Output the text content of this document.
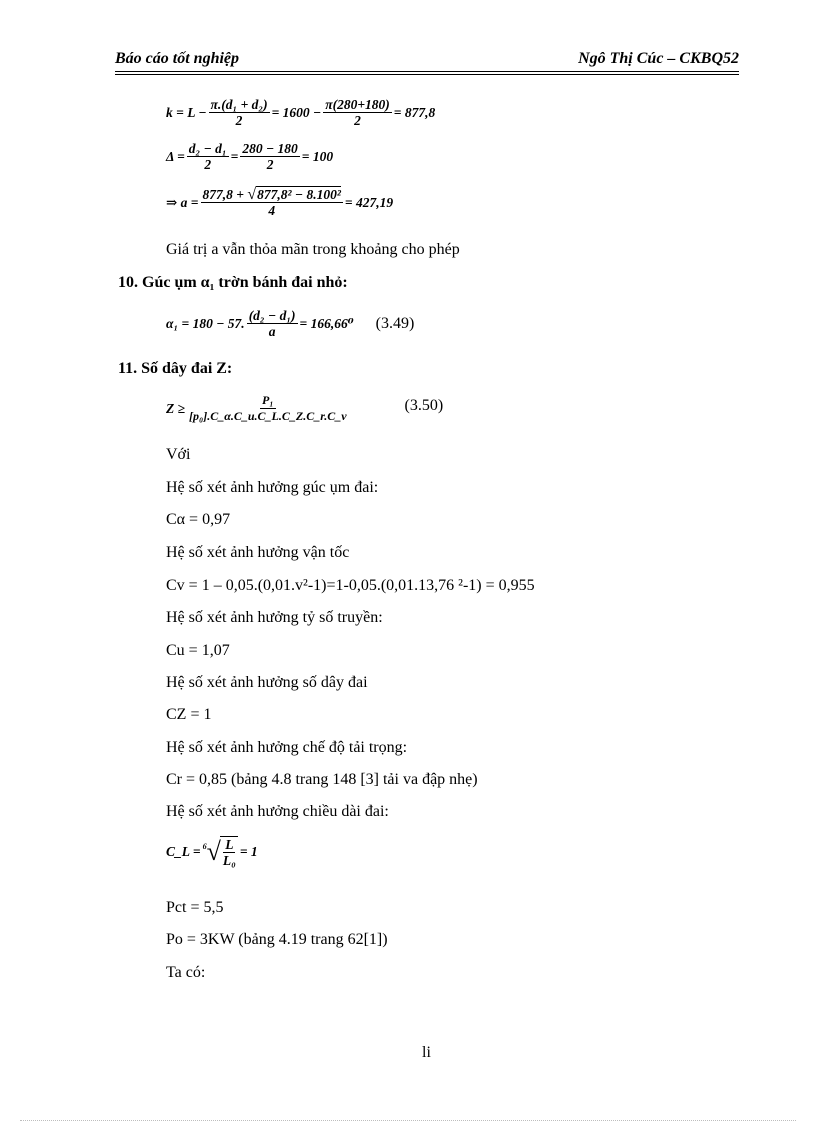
Báo cáo tốt nghiệp	Ngô Thị Cúc – CKBQ52
$k = L - \frac{\text{π.(d₁ + d₂)}}{2} = 1600 - \frac{\pi(280+180)}{2} = 877,8$
$\Delta = \frac{\text{d₂ − d₁}}{2} = \frac{280 - 180}{2} = 100$
⇒ $a = \frac{\text{877,8 + √877,8² − 8.100²}}{4} = 427,19$
Giá trị a vẫn thỏa mãn trong khoảng cho phép
10. Gúc ụm α₁ trờn bánh đai nhỏ:
α₁ = 180 − 57. $\frac{\text{(d₂ − d₁)}}{a} = 166,66^0$ (3.49)
11. Số dây đai Z:
$Z \ge \frac{\text{P₁}}{\text{[p₀].C\_α.C\_u.C\_L.C\_Z.C\_r.C\_v}}$	(3.50)
Với
Hệ số xét ảnh hưởng gúc ụm đai:
Cα = 0,97
Hệ số xét ảnh hưởng vận tốc
Cv = 1 – 0,05.(0,01.v²-1)=1-0,05.(0,01.13,76 ²-1) = 0,955
Hệ số xét ảnh hưởng tỷ số truyền:
Cu = 1,07
Hệ số xét ảnh hưởng số dây đai
CZ = 1
Hệ số xét ảnh hưởng chế độ tải trọng:
Cr = 0,85 (bảng 4.8 trang 148 [3] tải va đập nhẹ)
Hệ số xét ảnh hưởng chiều dài đai:
C_L = $^6$ √ $\frac{L}{\text{L₀}} = 1$
Pct = 5,5
Po = 3KW (bảng 4.19 trang 62[1])
Ta có:
li
